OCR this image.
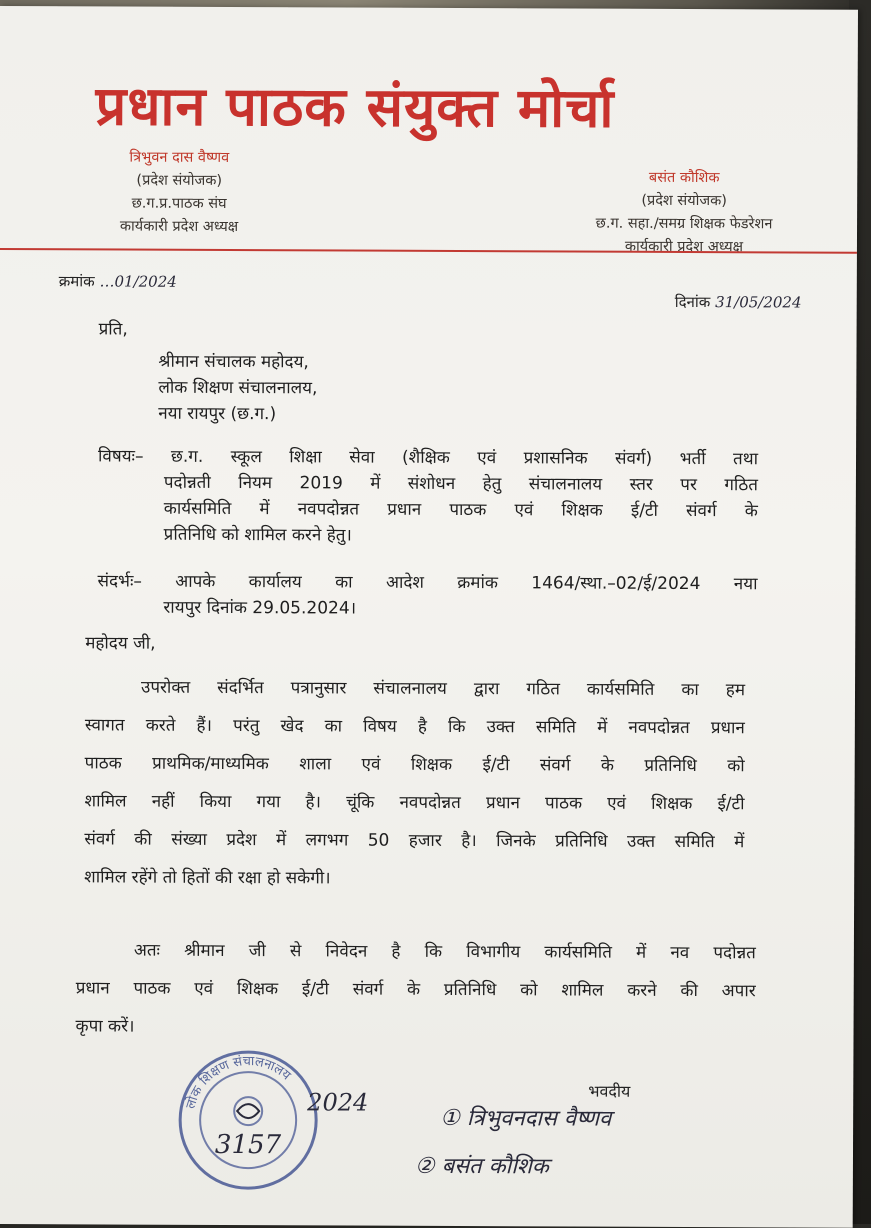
प्रधान पाठक संयुक्त मोर्चा
त्रिभुवन दास वैष्णव
(प्रदेश संयोजक)
छ.ग.प्र.पाठक संघ
कार्यकारी प्रदेश अध्यक्ष
बसंत कौशिक
(प्रदेश संयोजक)
छ.ग. सहा./समग्र शिक्षक फेडरेशन
कार्यकारी प्रदेश अध्यक्ष
क्रमांक …01/2024
दिनांक 31/05/2024
प्रति,
श्रीमान संचालक महोदय,
लोक शिक्षण संचालनालय,
नया रायपुर (छ.ग.)
विषयः– छ.ग. स्कूल शिक्षा सेवा (शैक्षिक एवं प्रशासनिक संवर्ग) भर्ती तथा
पदोन्नती नियम 2019 में संशोधन हेतु संचालनालय स्तर पर गठित
कार्यसमिति में नवपदोन्नत प्रधान पाठक एवं शिक्षक ई/टी संवर्ग के
प्रतिनिधि को शामिल करने हेतु।
संदर्भः– आपके कार्यालय का आदेश क्रमांक 1464/स्था.–02/ई/2024 नया
रायपुर दिनांक 29.05.2024।
महोदय जी,
उपरोक्त संदर्भित पत्रानुसार संचालनालय द्वारा गठित कार्यसमिति का हम
स्वागत करते हैं। परंतु खेद का विषय है कि उक्त समिति में नवपदोन्नत प्रधान
पाठक प्राथमिक/माध्यमिक शाला एवं शिक्षक ई/टी संवर्ग के प्रतिनिधि को
शामिल नहीं किया गया है। चूंकि नवपदोन्नत प्रधान पाठक एवं शिक्षक ई/टी
संवर्ग की संख्या प्रदेश में लगभग 50 हजार है। जिनके प्रतिनिधि उक्त समिति में
शामिल रहेंगे तो हितों की रक्षा हो सकेगी।
अतः श्रीमान जी से निवेदन है कि विभागीय कार्यसमिति में नव पदोन्नत
प्रधान पाठक एवं शिक्षक ई/टी संवर्ग के प्रतिनिधि को शामिल करने की अपार
कृपा करें।
लोक शिक्षण संचालनालय
3157
2024	भवदीय
① त्रिभुवनदास वैष्णव
② बसंत कौशिक
